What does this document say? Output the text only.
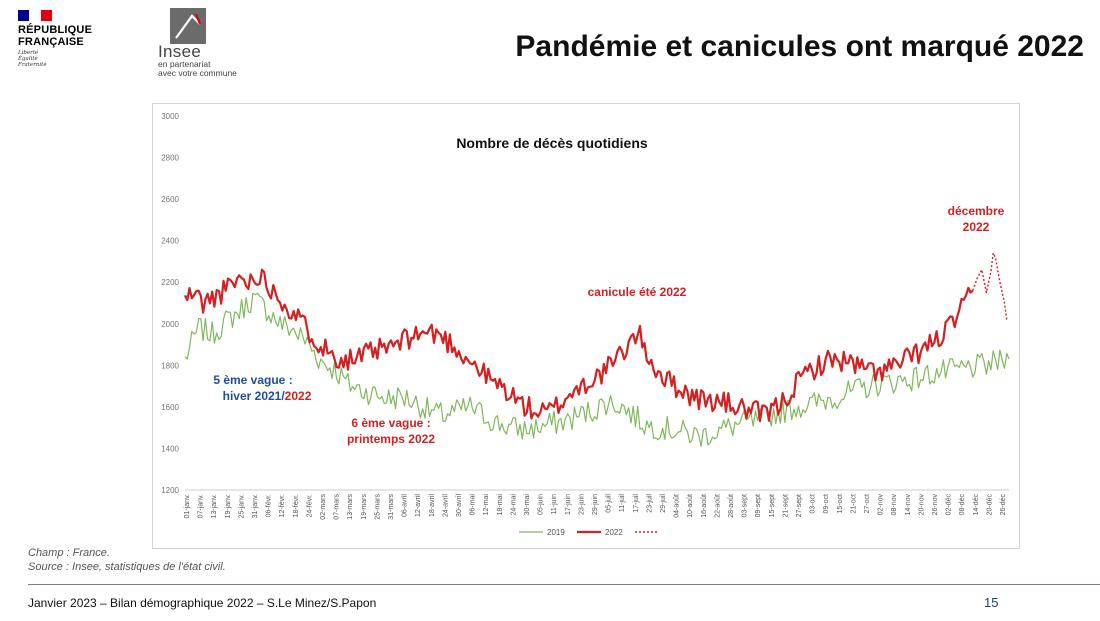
RÉPUBLIQUE
FRANÇAISE
Liberté
Égalité
Fraternité
Insee
en partenariat
avec votre commune
Pandémie et canicules ont marqué 2022
Nombre de décès quotidiens
1200
1400
1600
1800
2000
2200
2400
2600
2800
3000
01-janv. 07-janv. 13-janv. 19-janv. 25-janv. 31-janv. 06-févr. 12-févr. 18-févr. 24-févr. 02-mars 07-mars 13-mars 19-mars 25-mars 31-mars 06-avril 12-avril 18-avril 24-avril 30-avril 06-mai 12-mai 18-mai 24-mai 30-mai 05-juin 11-juin 17-juin 23-juin 29-juin 05-juil 11-juil 17-juil 23-juil 29-juil 04-août 10-août 16-août 22-août 28-août 03-sept 09-sept 15-sept 21-sept 27-sept 03-oct 09-oct 15-oct 21-oct 27-oct 02-nov 08-nov 14-nov 20-nov 26-nov 02-déc 08-déc 14-déc 20-déc 26-déc
5 ème vague :
hiver 2021/2022
6 ème vague :
printemps 2022
canicule été 2022
décembre
2022
2019	2022
Champ : France.
Source : Insee, statistiques de l'état civil.
Janvier 2023 – Bilan démographique 2022 – S.Le Minez/S.Papon	15
